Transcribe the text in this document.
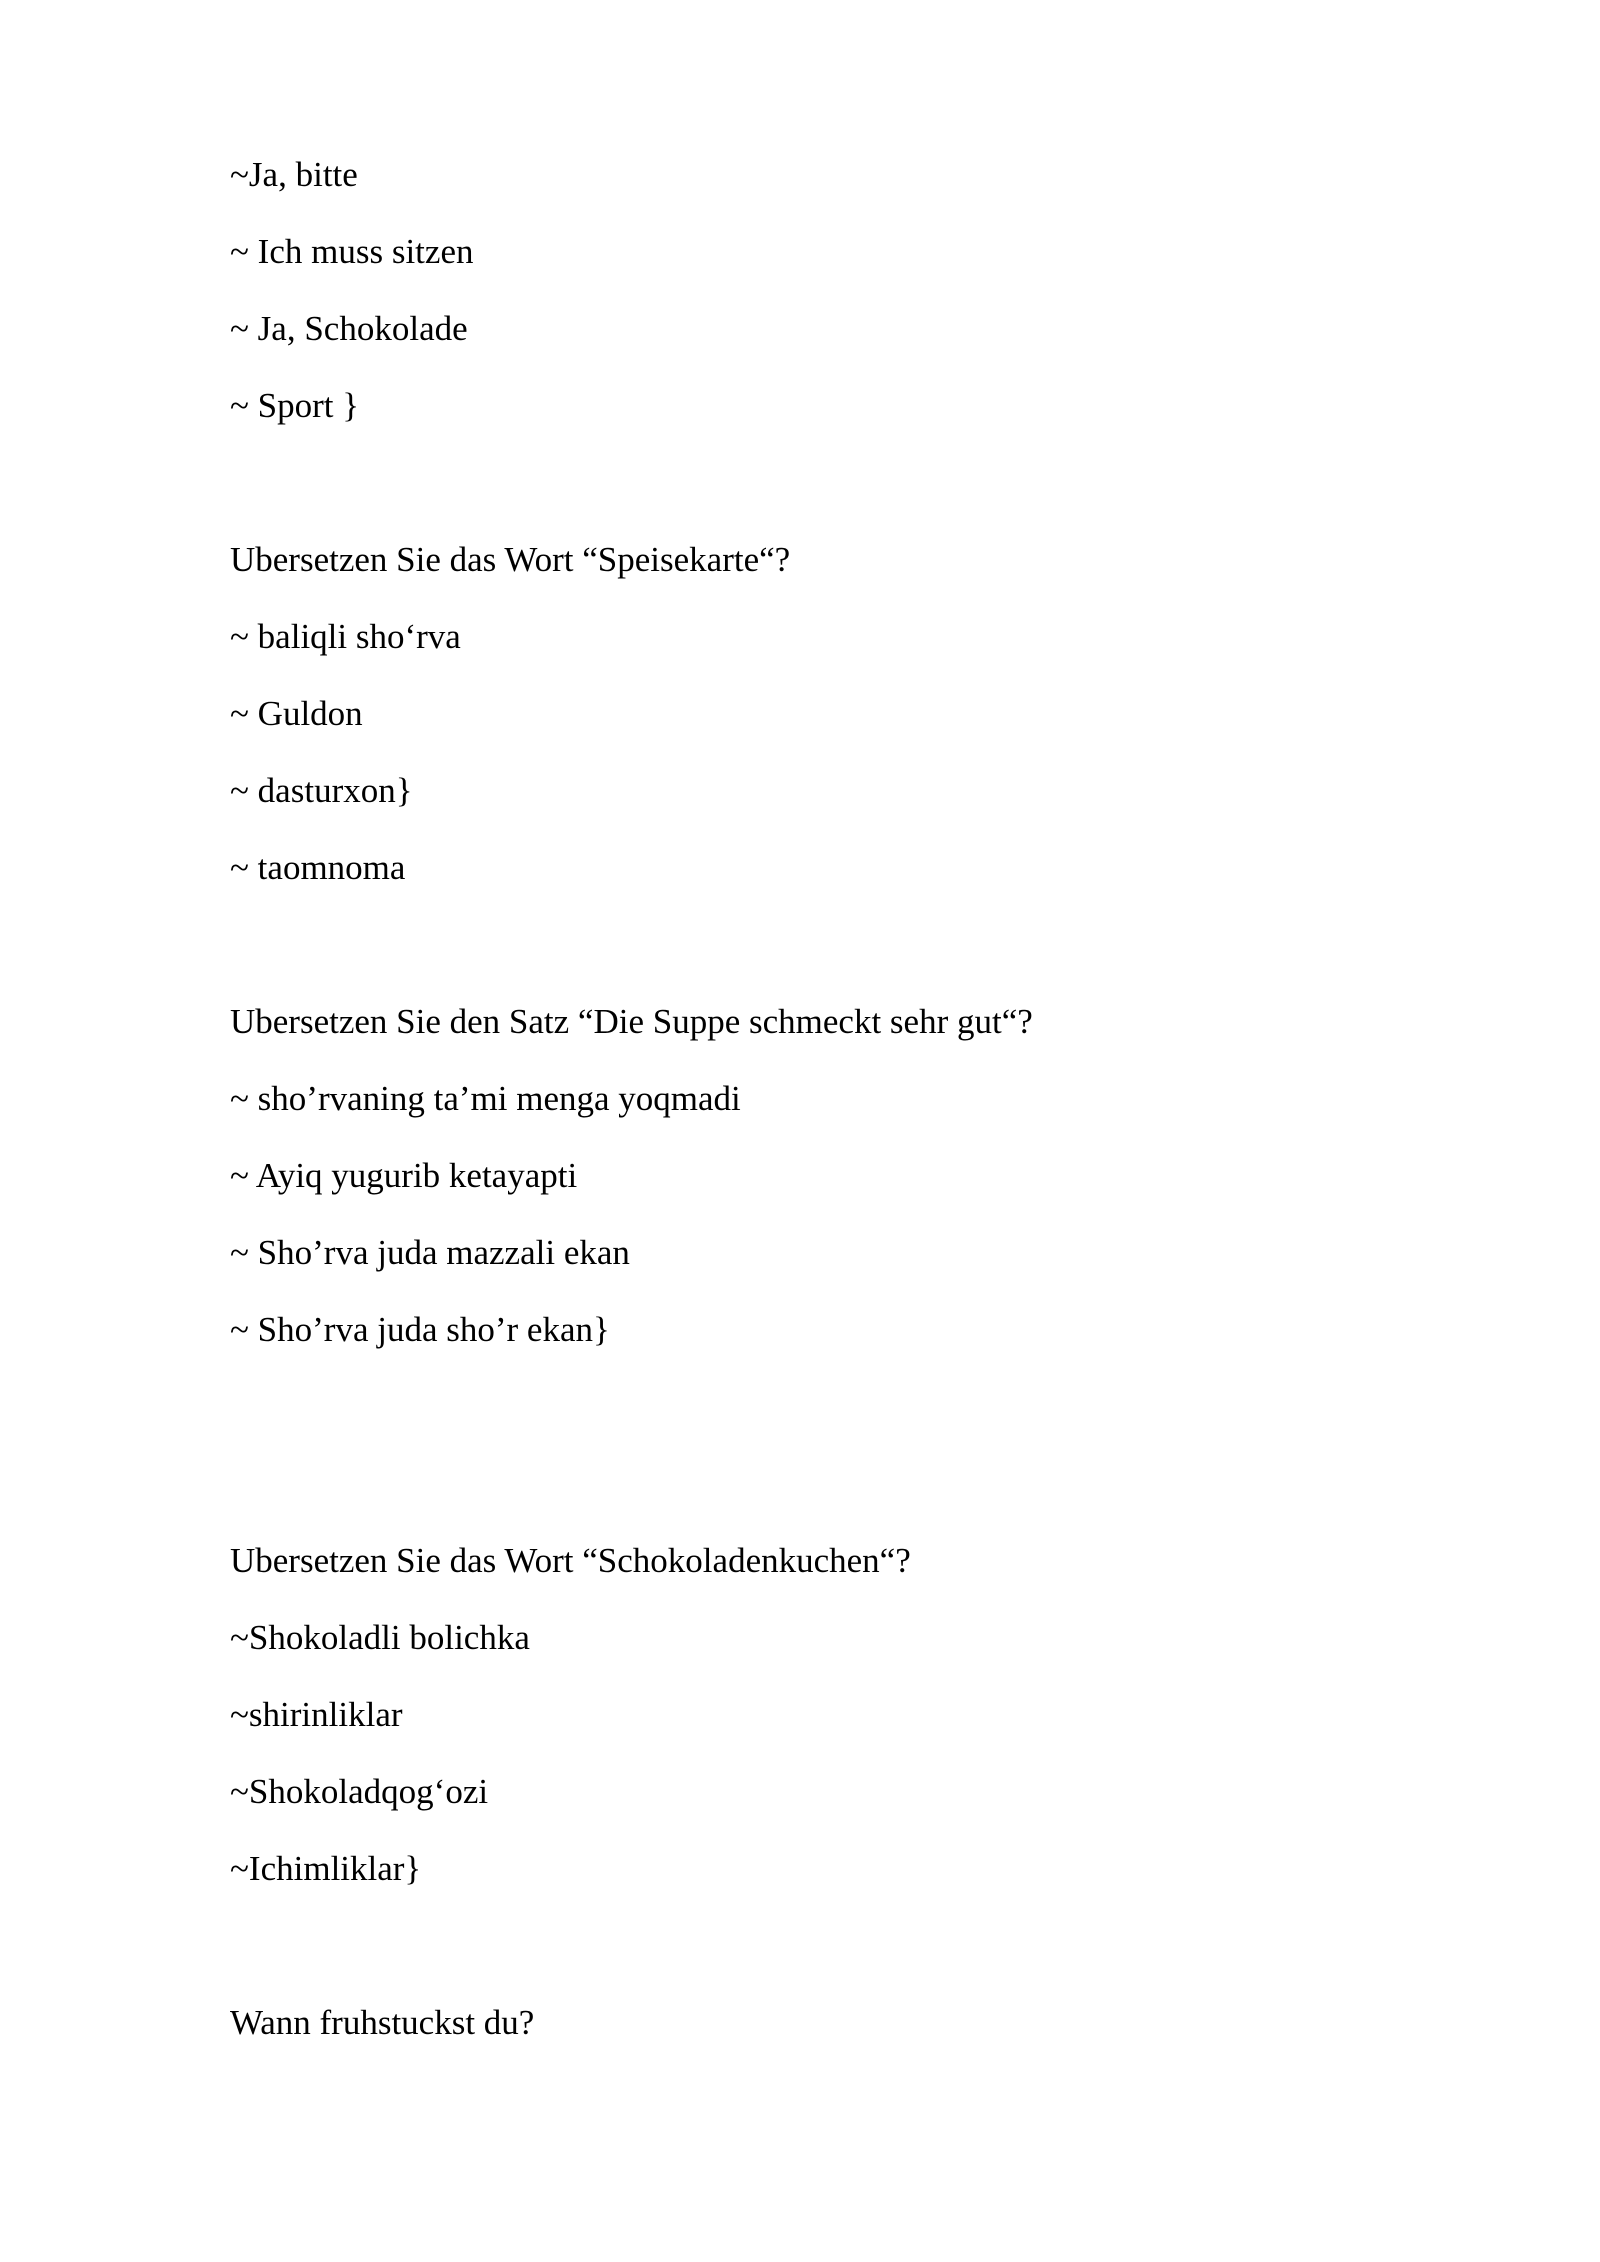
~Ja, bitte
~ Ich muss sitzen
~ Ja, Schokolade
~ Sport }
Ubersetzen Sie das Wort “Speisekarte“?
~ baliqli sho‘rva
~ Guldon
~ dasturxon}
~ taomnoma
Ubersetzen Sie den Satz “Die Suppe schmeckt sehr gut“?
~ sho’rvaning ta’mi menga yoqmadi
~ Ayiq yugurib ketayapti
~ Sho’rva juda mazzali ekan
~ Sho’rva juda sho’r ekan}
Ubersetzen Sie das Wort “Schokoladenkuchen“?
~Shokoladli bolichka
~shirinliklar
~Shokoladqog‘ozi
~Ichimliklar}
Wann fruhstuckst du?
